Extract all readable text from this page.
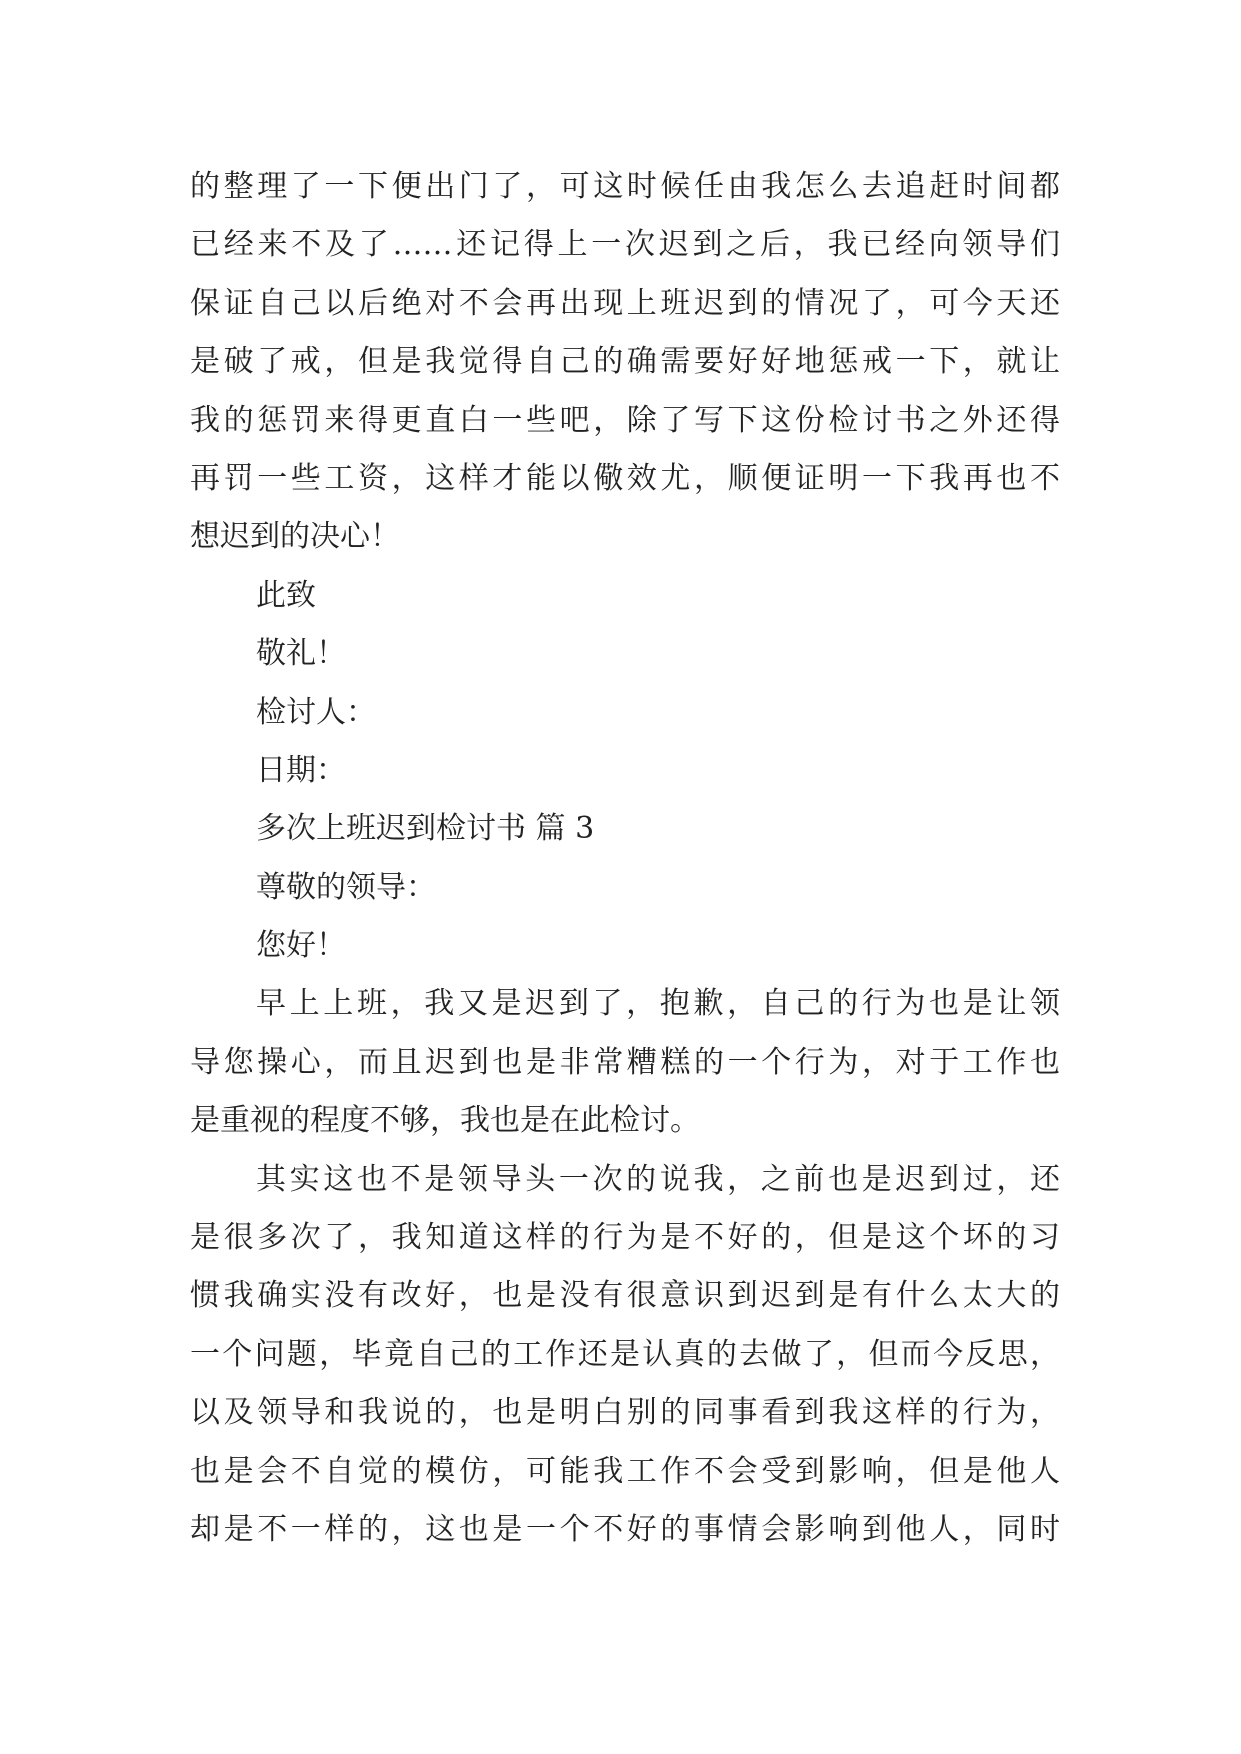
的整理了一下便出门了，可这时候任由我怎么去追赶时间都
已经来不及了……还记得上一次迟到之后，我已经向领导们
保证自己以后绝对不会再出现上班迟到的情况了，可今天还
是破了戒，但是我觉得自己的确需要好好地惩戒一下，就让
我的惩罚来得更直白一些吧，除了写下这份检讨书之外还得
再罚一些工资，这样才能以儆效尤，顺便证明一下我再也不
想迟到的决心！
此致
敬礼！
检讨人：
日期：
多次上班迟到检讨书 篇 3
尊敬的领导：
您好！
早上上班，我又是迟到了，抱歉，自己的行为也是让领
导您操心，而且迟到也是非常糟糕的一个行为，对于工作也
是重视的程度不够，我也是在此检讨。
其实这也不是领导头一次的说我，之前也是迟到过，还
是很多次了，我知道这样的行为是不好的，但是这个坏的习
惯我确实没有改好，也是没有很意识到迟到是有什么太大的
一个问题，毕竟自己的工作还是认真的去做了，但而今反思，
以及领导和我说的，也是明白别的同事看到我这样的行为，
也是会不自觉的模仿，可能我工作不会受到影响，但是他人
却是不一样的，这也是一个不好的事情会影响到他人，同时
